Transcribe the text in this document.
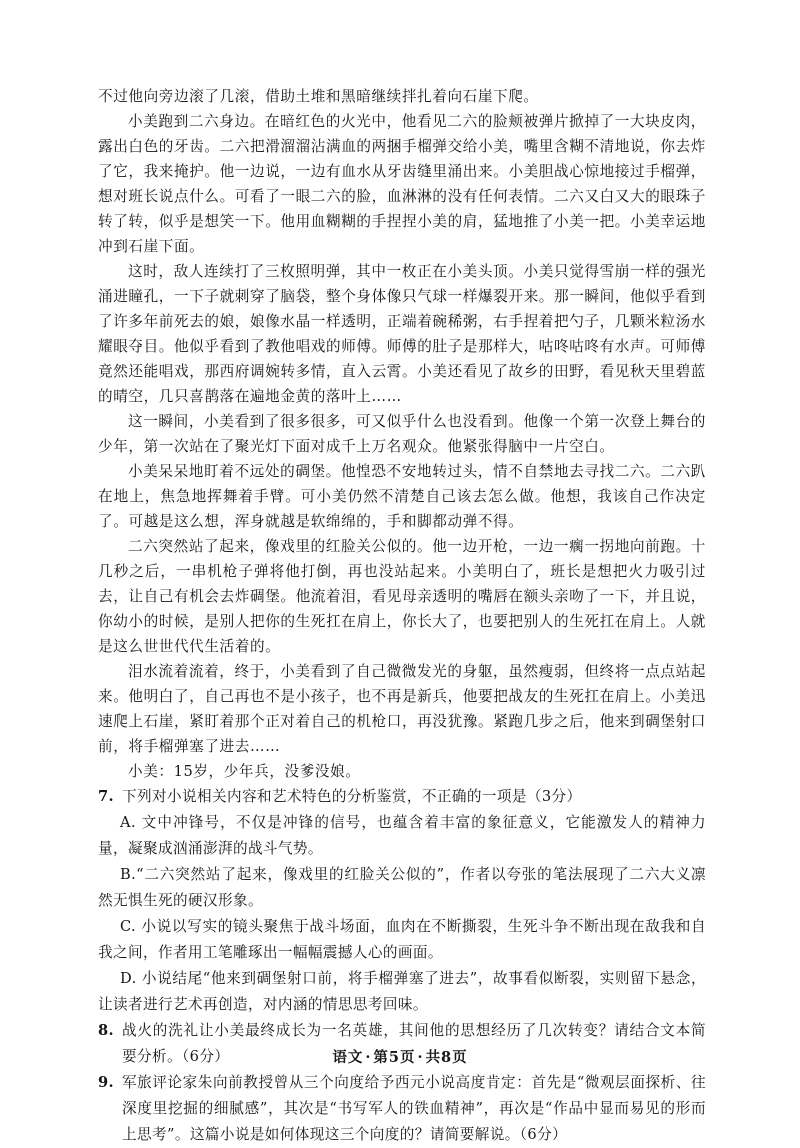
不过他向旁边滚了几滚，借助土堆和黑暗继续拌扎着向石崖下爬。

小美跑到二六身边。在暗红色的火光中，他看见二六的脸颊被弹片掀掉了一大块皮肉，露出白色的牙齿。二六把滑溜溜沾满血的两捆手榴弹交给小美，嘴里含糊不清地说，你去炸了它，我来掩护。他一边说，一边有血水从牙齿缝里涌出来。小美胆战心惊地接过手榴弹，想对班长说点什么。可看了一眼二六的脸，血淋淋的没有任何表情。二六又白又大的眼珠子转了转，似乎是想笑一下。他用血糊糊的手捏捏小美的肩，猛地推了小美一把。小美幸运地冲到石崖下面。

这时，敌人连续打了三枚照明弹，其中一枚正在小美头顶。小美只觉得雪崩一样的强光涌进瞳孔，一下子就刺穿了脑袋，整个身体像只气球一样爆裂开来。那一瞬间，他似乎看到了许多年前死去的娘，娘像水晶一样透明，正端着碗稀粥，右手捏着把勺子，几颗米粒汤水耀眼夺目。他似乎看到了教他唱戏的师傅。师傅的肚子是那样大，咕咚咕咚有水声。可师傅竟然还能唱戏，那西府调婉转多情，直入云霄。小美还看见了故乡的田野，看见秋天里碧蓝的晴空，几只喜鹊落在遍地金黄的落叶上……

这一瞬间，小美看到了很多很多，可又似乎什么也没看到。他像一个第一次登上舞台的少年，第一次站在了聚光灯下面对成千上万名观众。他紧张得脑中一片空白。

小美呆呆地盯着不远处的碉堡。他惶恐不安地转过头，情不自禁地去寻找二六。二六趴在地上，焦急地挥舞着手臂。可小美仍然不清楚自己该去怎么做。他想，我该自己作决定了。可越是这么想，浑身就越是软绵绵的，手和脚都动弹不得。

二六突然站了起来，像戏里的红脸关公似的。他一边开枪，一边一瘸一拐地向前跑。十几秒之后，一串机枪子弹将他打倒，再也没站起来。小美明白了，班长是想把火力吸引过去，让自己有机会去炸碉堡。他流着泪，看见母亲透明的嘴唇在额头亲吻了一下，并且说，你幼小的时候，是别人把你的生死扛在肩上，你长大了，也要把别人的生死扛在肩上。人就是这么世世代代生活着的。

泪水流着流着，终于，小美看到了自己微微发光的身躯，虽然瘦弱，但终将一点点站起来。他明白了，自己再也不是小孩子，也不再是新兵，他要把战友的生死扛在肩上。小美迅速爬上石崖，紧盯着那个正对着自己的机枪口，再没犹豫。紧跑几步之后，他来到碉堡射口前，将手榴弹塞了进去……

小美：15岁，少年兵，没爹没娘。

7. 下列对小说相关内容和艺术特色的分析鉴赏，不正确的一项是（3分）

A. 文中冲锋号，不仅是冲锋的信号，也蕴含着丰富的象征意义，它能激发人的精神力量，凝聚成汹涌澎湃的战斗气势。

B.“二六突然站了起来，像戏里的红脸关公似的”，作者以夸张的笔法展现了二六大义凛然无惧生死的硬汉形象。

C. 小说以写实的镜头聚焦于战斗场面，血肉在不断撕裂，生死斗争不断出现在敌我和自我之间，作者用工笔雕琢出一幅幅震撼人心的画面。

D. 小说结尾“他来到碉堡射口前，将手榴弹塞了进去”，故事看似断裂，实则留下悬念，让读者进行艺术再创造，对内涵的情思思考回味。

8. 战火的洗礼让小美最终成长为一名英雄，其间他的思想经历了几次转变？请结合文本简要分析。（6分）
9. 军旅评论家朱向前教授曾从三个向度给予西元小说高度肯定：首先是“微观层面探析、往深度里挖掘的细腻感”，其次是“书写军人的铁血精神”，再次是“作品中显而易见的形而上思考”。这篇小说是如何体现这三个向度的？请简要解说。（6分）
语文 · 第5页 · 共8页
